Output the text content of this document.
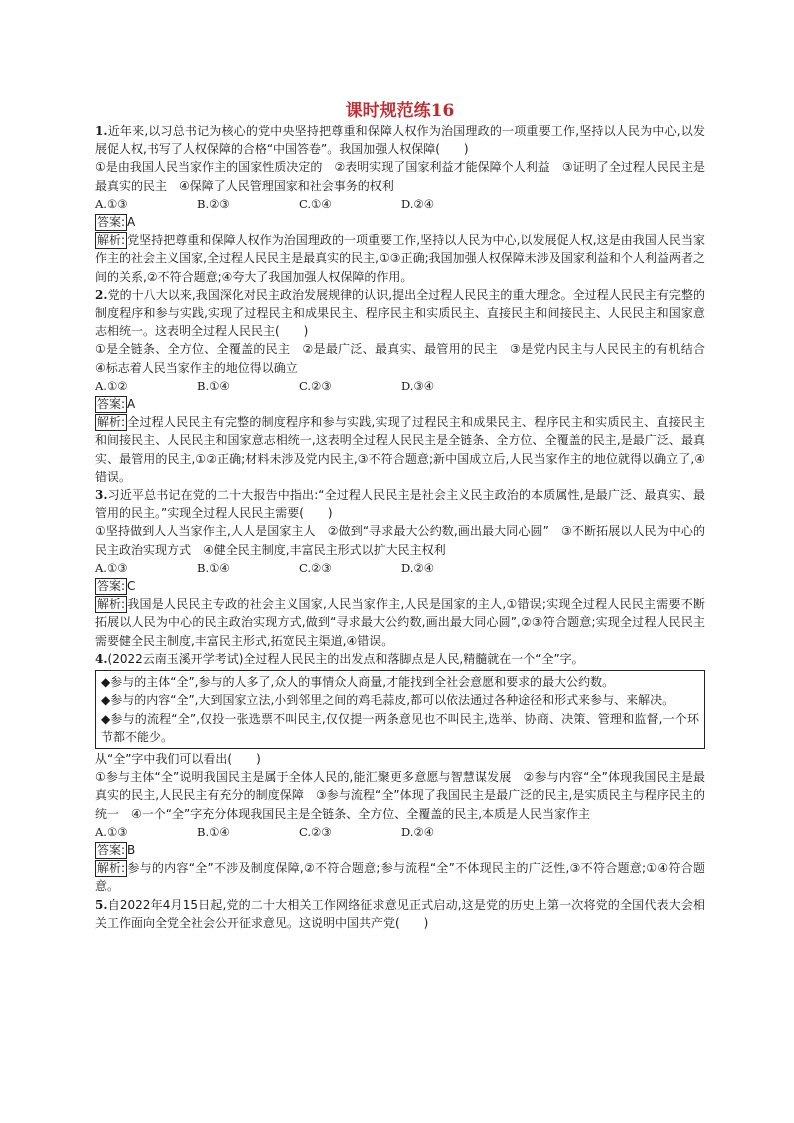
课时规范练16

1.近年来,以习总书记为核心的党中央坚持把尊重和保障人权作为治国理政的一项重要工作,坚持以人民为中心,以发展促人权,书写了人权保障的合格“中国答卷”。我国加强人权保障(　　)

①是由我国人民当家作主的国家性质决定的　②表明实现了国家利益才能保障个人利益　③证明了全过程人民民主是最真实的民主　④保障了人民管理国家和社会事务的权利

A.①③	B.②③	C.①④	D.②④

答案: A

解析: 党坚持把尊重和保障人权作为治国理政的一项重要工作,坚持以人民为中心,以发展促人权,这是由我国人民当家作主的社会主义国家,全过程人民民主是最真实的民主,①③正确;我国加强人权保障未涉及国家利益和个人利益两者之间的关系,②不符合题意;④夸大了我国加强人权保障的作用。

2.党的十八大以来,我国深化对民主政治发展规律的认识,提出全过程人民民主的重大理念。全过程人民民主有完整的制度程序和参与实践,实现了过程民主和成果民主、程序民主和实质民主、直接民主和间接民主、人民民主和国家意志相统一。这表明全过程人民民主(　　)

①是全链条、全方位、全覆盖的民主　②是最广泛、最真实、最管用的民主　③是党内民主与人民民主的有机结合　④标志着人民当家作主的地位得以确立

A.①②	B.①④	C.②③	D.③④

答案: A

解析: 全过程人民民主有完整的制度程序和参与实践,实现了过程民主和成果民主、程序民主和实质民主、直接民主和间接民主、人民民主和国家意志相统一,这表明全过程人民民主是全链条、全方位、全覆盖的民主,是最广泛、最真实、最管用的民主,①②正确;材料未涉及党内民主,③不符合题意;新中国成立后,人民当家作主的地位就得以确立了,④错误。

3.习近平总书记在党的二十大报告中指出:“全过程人民民主是社会主义民主政治的本质属性,是最广泛、最真实、最管用的民主。”实现全过程人民民主需要(　　)

①坚持做到人人当家作主,人人是国家主人　②做到“寻求最大公约数,画出最大同心圆”　③不断拓展以人民为中心的民主政治实现方式　④健全民主制度,丰富民主形式以扩大民主权利

A.①③	B.①④	C.②③	D.②④

答案: C

解析: 我国是人民民主专政的社会主义国家,人民当家作主,人民是国家的主人,①错误;实现全过程人民民主需要不断拓展以人民为中心的民主政治实现方式,做到“寻求最大公约数,画出最大同心圆”,②③符合题意;实现全过程人民民主需要健全民主制度,丰富民主形式,拓宽民主渠道,④错误。

4.(2022云南玉溪开学考试)全过程人民民主的出发点和落脚点是人民,精髓就在一个“全”字。

◆参与的主体“全”,参与的人多了,众人的事情众人商量,才能找到全社会意愿和要求的最大公约数。

◆参与的内容“全”,大到国家立法,小到邻里之间的鸡毛蒜皮,都可以依法通过各种途径和形式来参与、来解决。

◆参与的流程“全”,仅投一张选票不叫民主,仅仅提一两条意见也不叫民主,选举、协商、决策、管理和监督,一个环节都不能少。

从“全”字中我们可以看出(　　)

①参与主体“全”说明我国民主是属于全体人民的,能汇聚更多意愿与智慧谋发展　②参与内容“全”体现我国民主是最真实的民主,人民民主有充分的制度保障　③参与流程“全”体现了我国民主是最广泛的民主,是实质民主与程序民主的统一　④一个“全”字充分体现我国民主是全链条、全方位、全覆盖的民主,本质是人民当家作主

A.①③	B.①④	C.②③	D.②④

答案: B

解析: 参与的内容“全”不涉及制度保障,②不符合题意;参与流程“全”不体现民主的广泛性,③不符合题意;①④符合题意。

5.自2022年4月15日起,党的二十大相关工作网络征求意见正式启动,这是党的历史上第一次将党的全国代表大会相关工作面向全党全社会公开征求意见。这说明中国共产党(　　)
